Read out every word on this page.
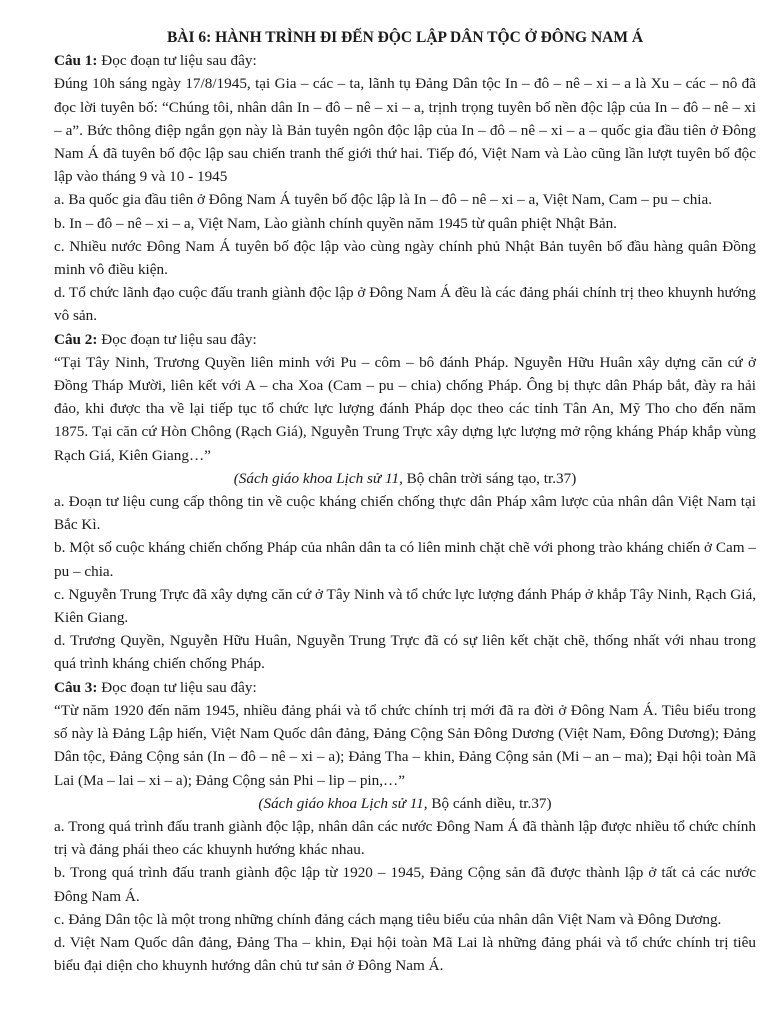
BÀI 6: HÀNH TRÌNH ĐI ĐẾN ĐỘC LẬP DÂN TỘC Ở ĐÔNG NAM Á

Câu 1: Đọc đoạn tư liệu sau đây:

Đúng 10h sáng ngày 17/8/1945, tại Gia – các – ta, lãnh tụ Đảng Dân tộc In – đô – nê – xi – a là Xu – các – nô đã đọc lời tuyên bố: “Chúng tôi, nhân dân In – đô – nê – xi – a, trịnh trọng tuyên bố nền độc lập của In – đô – nê – xi – a”. Bức thông điệp ngắn gọn này là Bản tuyên ngôn độc lập của In – đô – nê – xi – a – quốc gia đầu tiên ở Đông Nam Á đã tuyên bố độc lập sau chiến tranh thế giới thứ hai. Tiếp đó, Việt Nam và Lào cũng lần lượt tuyên bố độc lập vào tháng 9 và 10 - 1945

a. Ba quốc gia đầu tiên ở Đông Nam Á tuyên bố độc lập là In – đô – nê – xi – a, Việt Nam, Cam – pu – chia.

b. In – đô – nê – xi – a, Việt Nam, Lào giành chính quyền năm 1945 từ quân phiệt Nhật Bản.

c. Nhiều nước Đông Nam Á tuyên bố độc lập vào cùng ngày chính phủ Nhật Bản tuyên bố đầu hàng quân Đồng minh vô điều kiện.

d. Tổ chức lãnh đạo cuộc đấu tranh giành độc lập ở Đông Nam Á đều là các đảng phái chính trị theo khuynh hướng vô sản.

Câu 2: Đọc đoạn tư liệu sau đây:

“Tại Tây Ninh, Trương Quyền liên minh với Pu – côm – bô đánh Pháp. Nguyễn Hữu Huân xây dựng căn cứ ở Đồng Tháp Mười, liên kết với A – cha Xoa (Cam – pu – chia) chống Pháp. Ông bị thực dân Pháp bắt, đày ra hải đảo, khi được tha về lại tiếp tục tổ chức lực lượng đánh Pháp dọc theo các tỉnh Tân An, Mỹ Tho cho đến năm 1875. Tại căn cứ Hòn Chông (Rạch Giá), Nguyễn Trung Trực xây dựng lực lượng mở rộng kháng Pháp khắp vùng Rạch Giá, Kiên Giang…”

(Sách giáo khoa Lịch sử 11, Bộ chân trời sáng tạo, tr.37)

a. Đoạn tư liệu cung cấp thông tin về cuộc kháng chiến chống thực dân Pháp xâm lược của nhân dân Việt Nam tại Bắc Kì.

b. Một số cuộc kháng chiến chống Pháp của nhân dân ta có liên minh chặt chẽ với phong trào kháng chiến ở Cam – pu – chia.

c. Nguyễn Trung Trực đã xây dựng căn cứ ở Tây Ninh và tổ chức lực lượng đánh Pháp ở khắp Tây Ninh, Rạch Giá, Kiên Giang.

d. Trương Quyền, Nguyễn Hữu Huân, Nguyễn Trung Trực đã có sự liên kết chặt chẽ, thống nhất với nhau trong quá trình kháng chiến chống Pháp.

Câu 3: Đọc đoạn tư liệu sau đây:

“Từ năm 1920 đến năm 1945, nhiều đảng phái và tổ chức chính trị mới đã ra đời ở Đông Nam Á. Tiêu biểu trong số này là Đảng Lập hiến, Việt Nam Quốc dân đảng, Đảng Cộng Sản Đông Dương (Việt Nam, Đông Dương); Đảng Dân tộc, Đảng Cộng sản (In – đô – nê – xi – a); Đảng Tha – khin, Đảng Cộng sản (Mi – an – ma); Đại hội toàn Mã Lai (Ma – lai – xi – a); Đảng Cộng sản Phi – lip – pin,…”

(Sách giáo khoa Lịch sử 11, Bộ cánh diều, tr.37)

a. Trong quá trình đấu tranh giành độc lập, nhân dân các nước Đông Nam Á đã thành lập được nhiều tổ chức chính trị và đảng phái theo các khuynh hướng khác nhau.

b. Trong quá trình đấu tranh giành độc lập từ 1920 – 1945, Đảng Cộng sản đã được thành lập ở tất cả các nước Đông Nam Á.

c. Đảng Dân tộc là một trong những chính đảng cách mạng tiêu biểu của nhân dân Việt Nam và Đông Dương.

d. Việt Nam Quốc dân đảng, Đảng Tha – khin, Đại hội toàn Mã Lai là những đảng phái và tổ chức chính trị tiêu biểu đại diện cho khuynh hướng dân chủ tư sản ở Đông Nam Á.
